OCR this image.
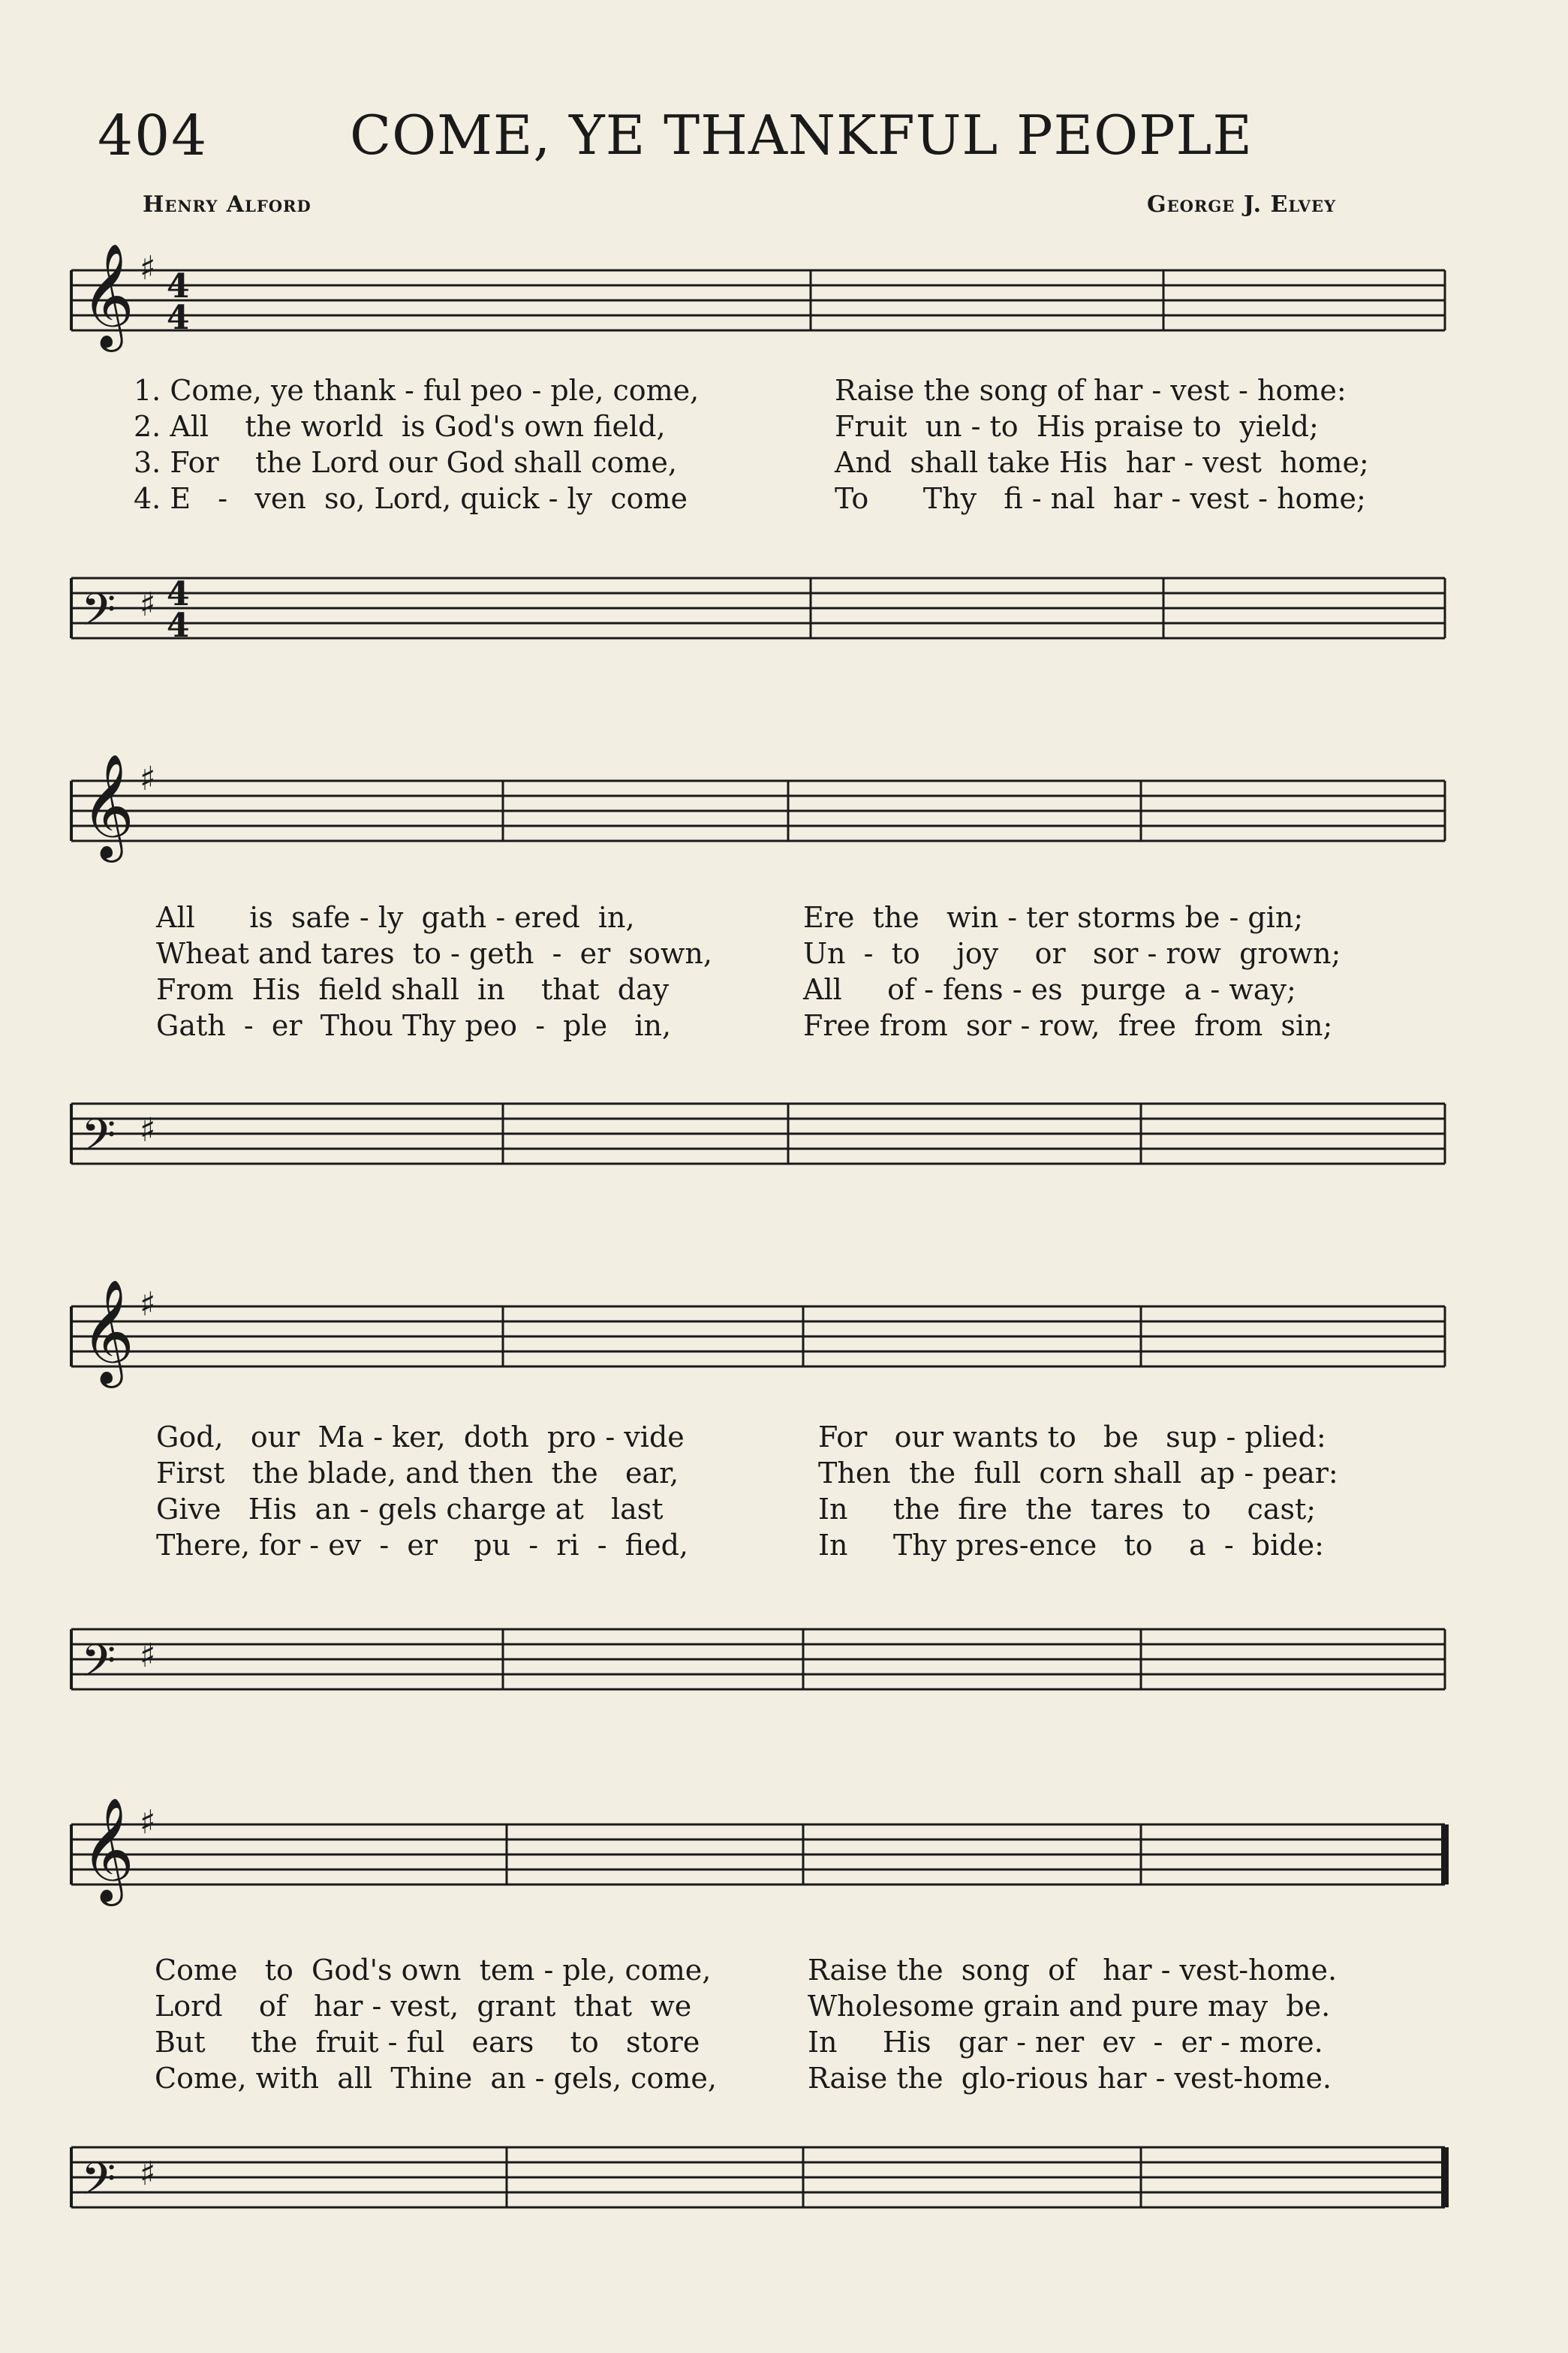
404	COME, YE THANKFUL PEOPLE
Henry Alford	George J. Elvey
𝄞 ♯ 4
4
1. Come, ye thank - ful peo - ple, come,	Raise the song of har - vest - home:
2. All    the world  is God's own field,	Fruit  un - to  His praise to  yield;
3. For    the Lord our God shall come,	And  shall take His  har - vest  home;
4. E   -   ven  so, Lord, quick - ly  come	To      Thy   fi - nal  har - vest - home;
𝄢 ♯ 4
4
𝄞 ♯
All      is  safe - ly  gath - ered  in,	Ere  the   win - ter storms be - gin;
Wheat and tares  to - geth  -  er  sown,	Un  -  to    joy    or   sor - row  grown;
From  His  field shall  in    that  day	All     of - fens - es  purge  a - way;
Gath  -  er  Thou Thy peo  -  ple   in,	Free from  sor - row,  free  from  sin;
𝄢 ♯
𝄞 ♯
God,   our  Ma - ker,  doth  pro - vide	For   our wants to   be   sup - plied:
First   the blade, and then  the   ear,	Then  the  full  corn shall  ap - pear:
Give   His  an - gels charge at   last	In     the  fire  the  tares  to    cast;
There, for - ev  -  er    pu  -  ri  -  fied,	In     Thy pres-ence   to    a  -  bide:
𝄢 ♯
𝄞 ♯
Come   to  God's own  tem - ple, come,	Raise the  song  of   har - vest-home.
Lord    of   har - vest,  grant  that  we	Wholesome grain and pure may  be.
But     the  fruit - ful   ears    to   store	In     His   gar - ner  ev  -  er - more.
Come, with  all  Thine  an - gels, come,	Raise the  glo-rious har - vest-home.
𝄢 ♯
